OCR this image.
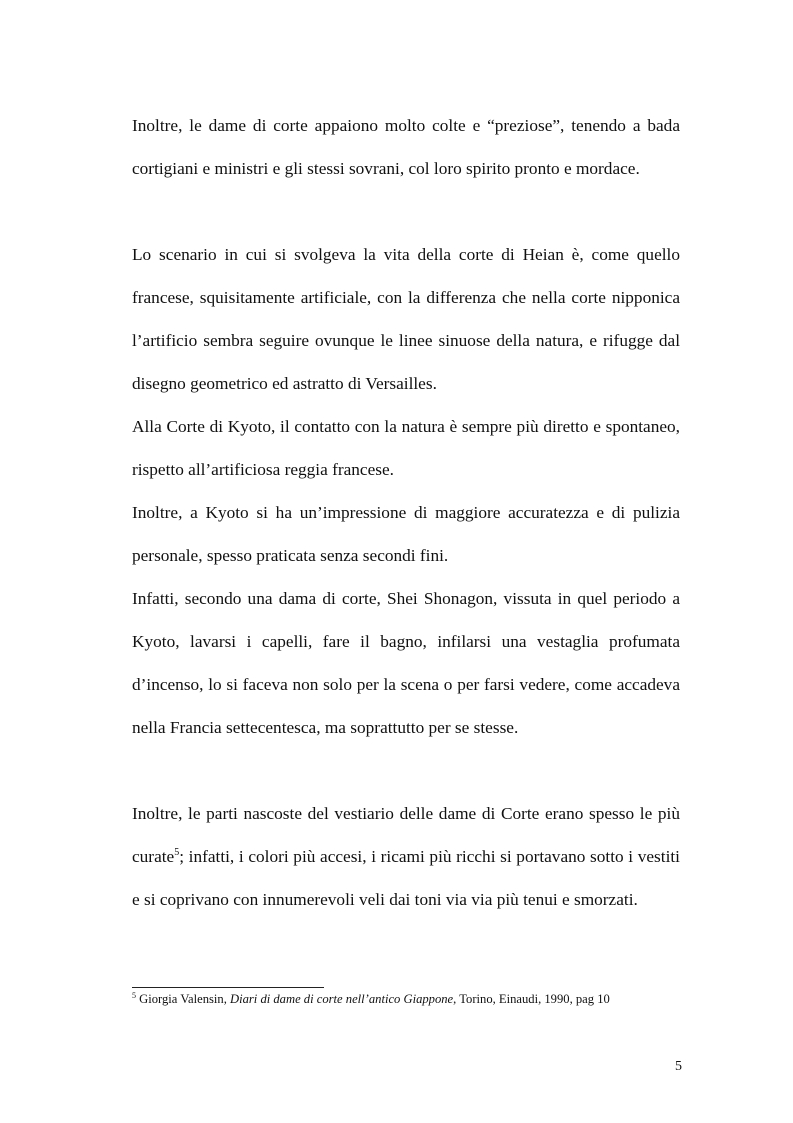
Inoltre, le dame di corte appaiono molto colte e “preziose”, tenendo a bada cortigiani e ministri e gli stessi sovrani, col loro spirito pronto e mordace.

Lo scenario in cui si svolgeva la vita della corte di Heian è, come quello francese, squisitamente artificiale, con la differenza che nella corte nipponica l’artificio sembra seguire ovunque le linee sinuose della natura, e rifugge dal disegno geometrico ed astratto di Versailles.

Alla Corte di Kyoto, il contatto con la natura è sempre più diretto e spontaneo, rispetto all’artificiosa reggia francese.

Inoltre, a Kyoto si ha un’impressione di maggiore accuratezza e di pulizia personale, spesso praticata senza secondi fini.

Infatti, secondo una dama di corte, Shei Shonagon, vissuta in quel periodo a Kyoto, lavarsi i capelli, fare il bagno, infilarsi una vestaglia profumata d’incenso, lo si faceva non solo per la scena o per farsi vedere, come accadeva nella Francia settecentesca, ma soprattutto per se stesse.

Inoltre, le parti nascoste del vestiario delle dame di Corte erano spesso le più curate$^5$; infatti, i colori più accesi, i ricami più ricchi si portavano sotto i vestiti e si coprivano con innumerevoli veli dai toni via via più tenui e smorzati.

$^5$ Giorgia Valensin, Diari di dame di corte nell’antico Giappone, Torino, Einaudi, 1990, pag 10

5
